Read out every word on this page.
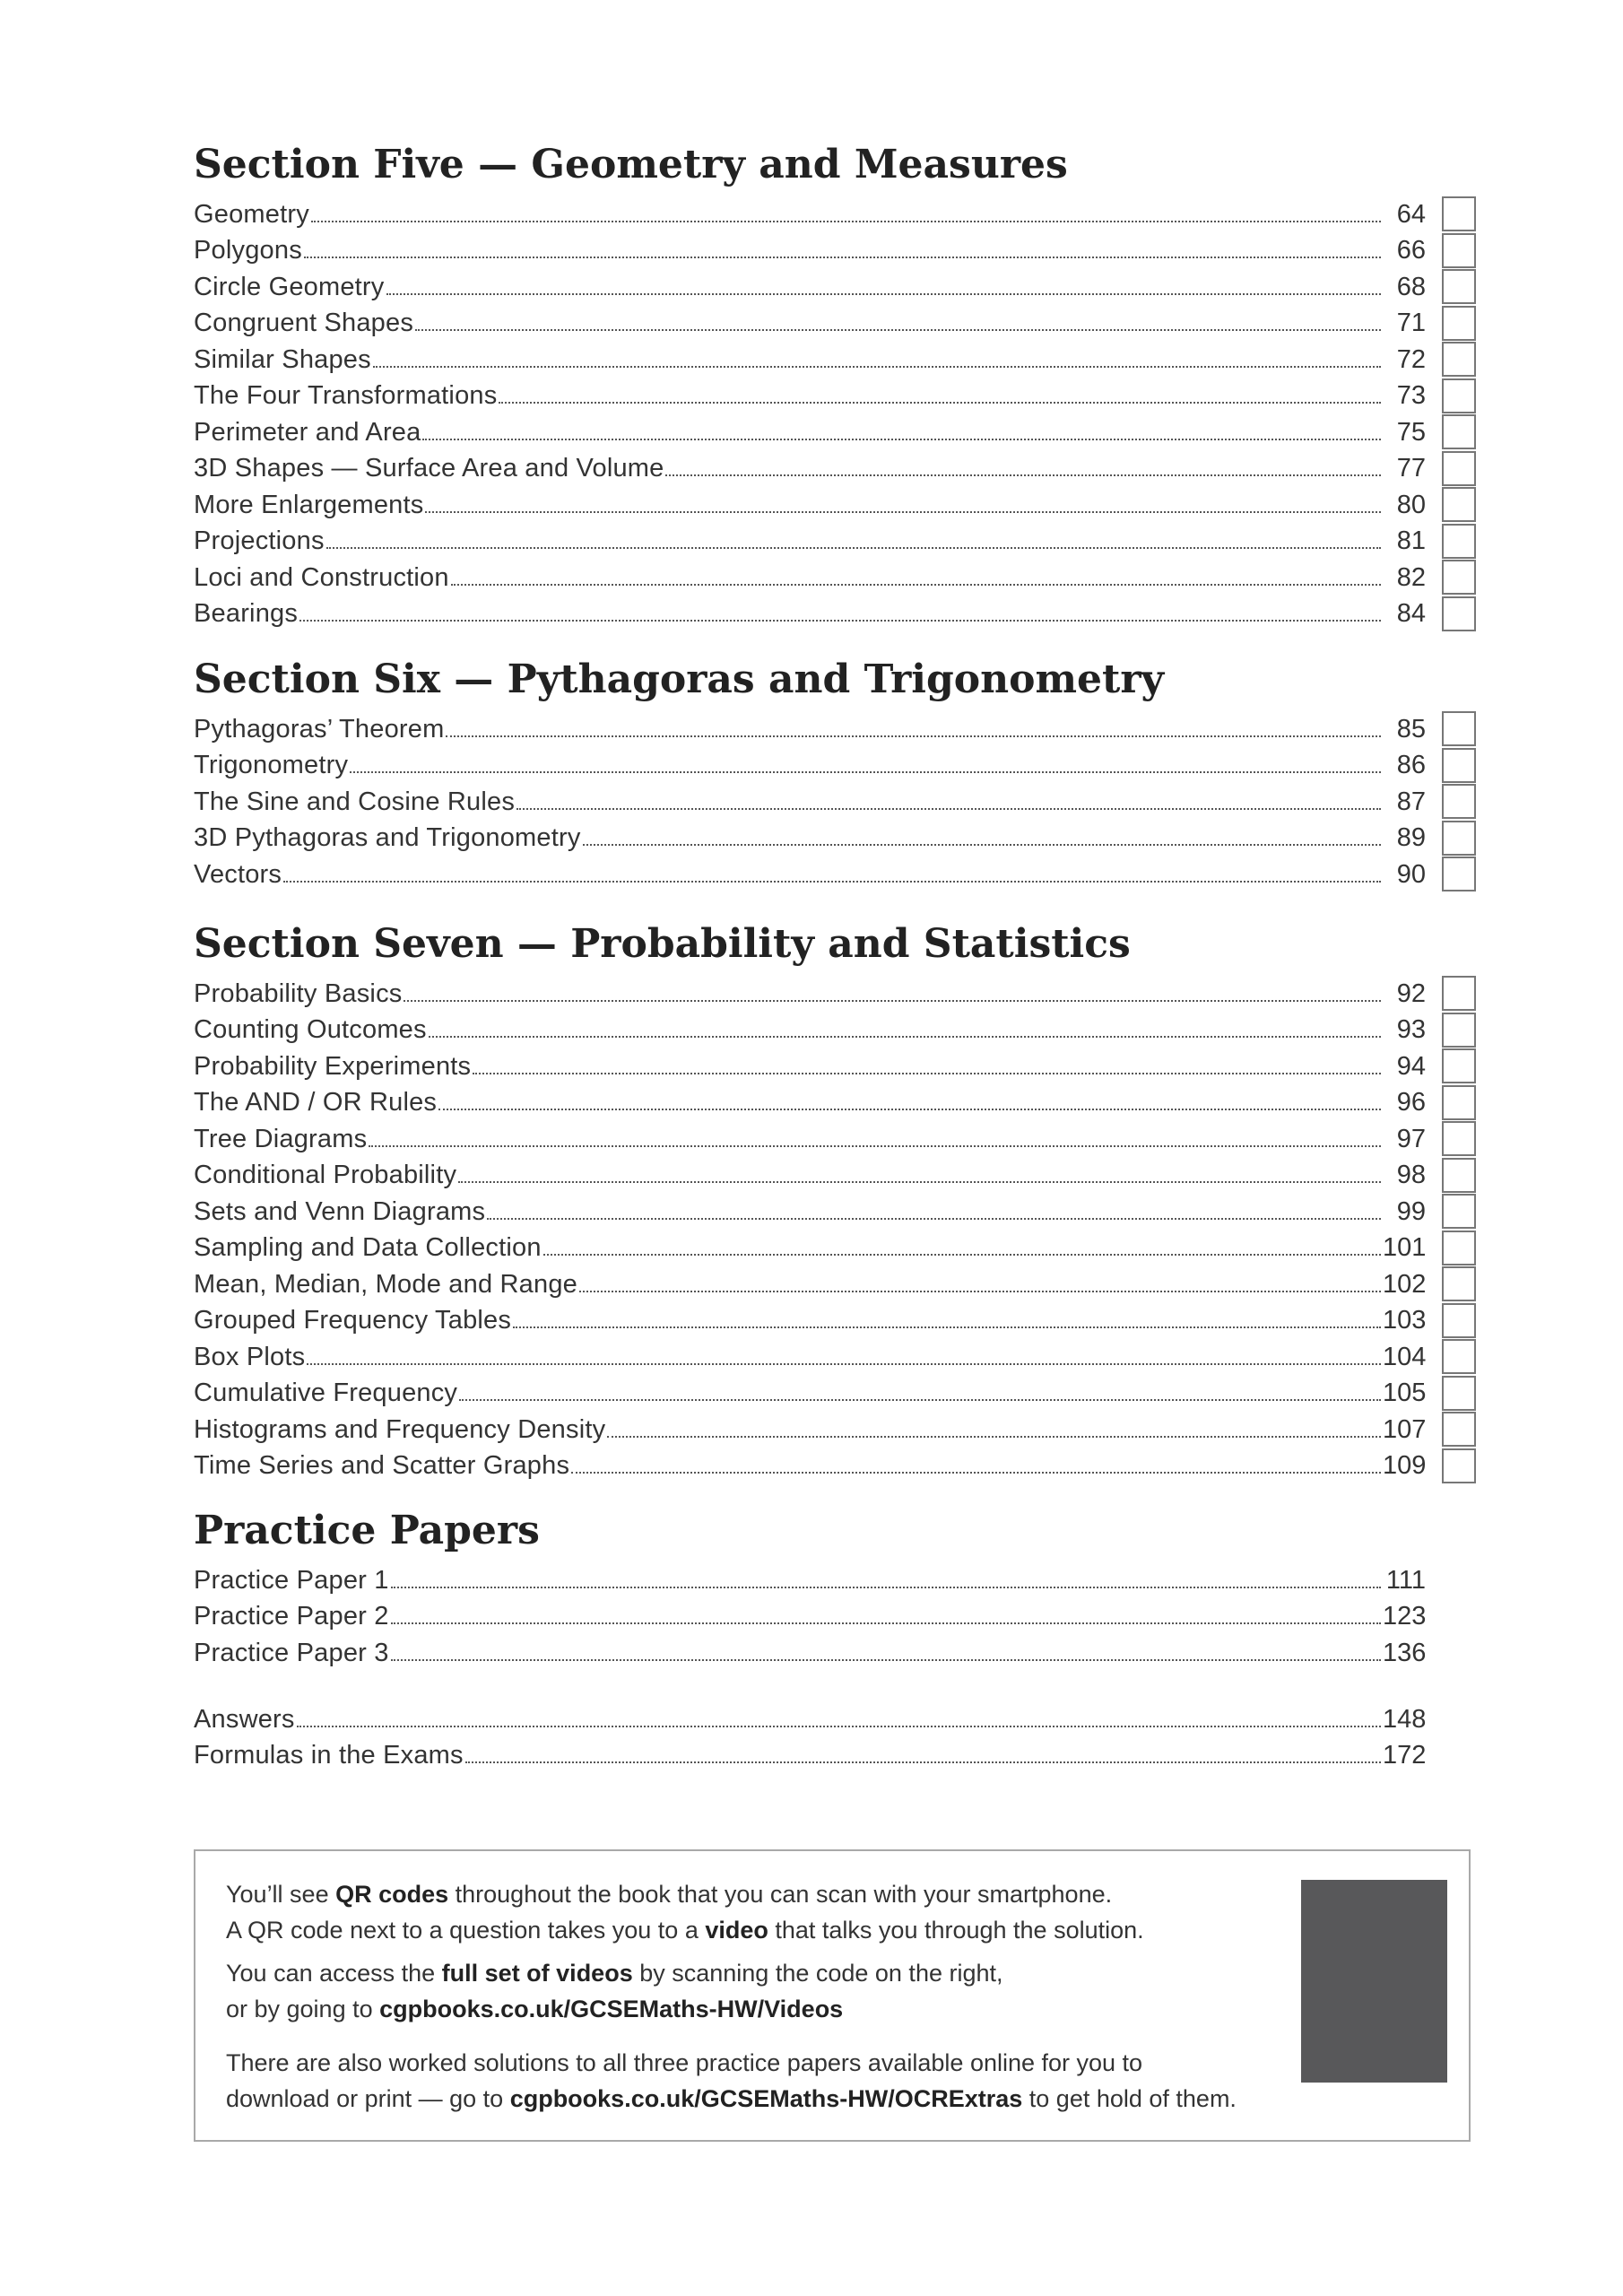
Section Five — Geometry and Measures
Geometry	64
Polygons	66
Circle Geometry	68
Congruent Shapes	71
Similar Shapes	72
The Four Transformations	73
Perimeter and Area	75
3D Shapes — Surface Area and Volume	77
More Enlargements	80
Projections	81
Loci and Construction	82
Bearings	84
Section Six — Pythagoras and Trigonometry
Pythagoras’ Theorem	85
Trigonometry	86
The Sine and Cosine Rules	87
3D Pythagoras and Trigonometry	89
Vectors	90
Section Seven — Probability and Statistics
Probability Basics	92
Counting Outcomes	93
Probability Experiments	94
The AND / OR Rules	96
Tree Diagrams	97
Conditional Probability	98
Sets and Venn Diagrams	99
Sampling and Data Collection	101
Mean, Median, Mode and Range	102
Grouped Frequency Tables	103
Box Plots	104
Cumulative Frequency	105
Histograms and Frequency Density	107
Time Series and Scatter Graphs	109
Practice Papers
Practice Paper 1	111
Practice Paper 2	123
Practice Paper 3	136
Answers	148
Formulas in the Exams	172

You’ll see QR codes throughout the book that you can scan with your smartphone.

A QR code next to a question takes you to a video that talks you through the solution.

You can access the full set of videos by scanning the code on the right,

or by going to cgpbooks.co.uk/GCSEMaths-HW/Videos

There are also worked solutions to all three practice papers available online for you to

download or print — go to cgpbooks.co.uk/GCSEMaths-HW/OCRExtras to get hold of them.
